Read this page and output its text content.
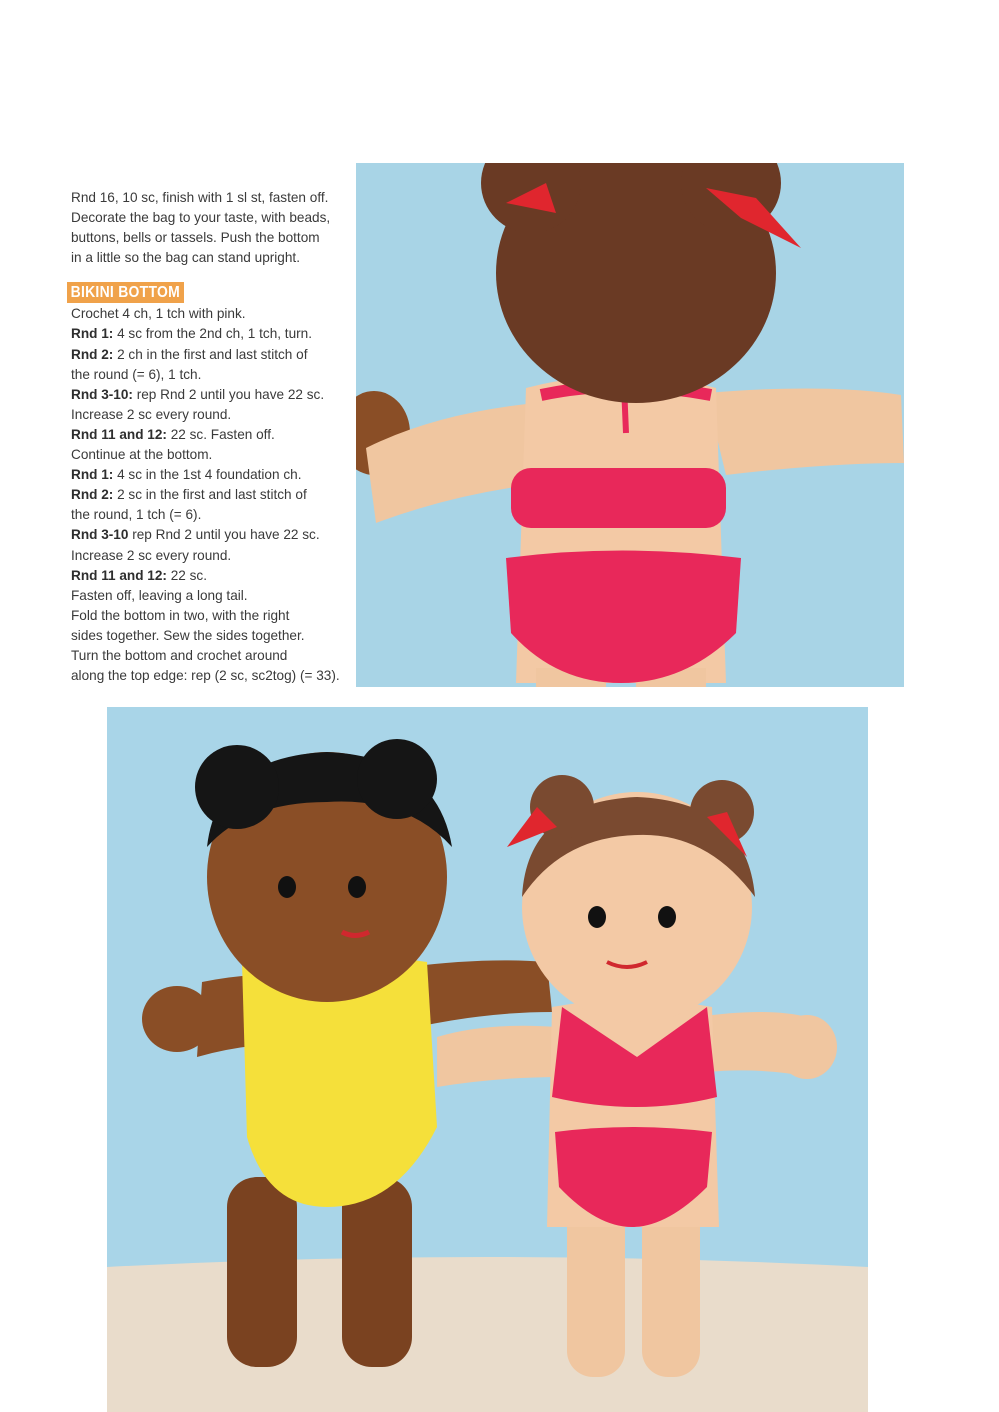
Rnd 16, 10 sc, finish with 1 sl st, fasten off.

Decorate the bag to your taste, with beads,

buttons, bells or tassels. Push the bottom

in a little so the bag can stand upright.

BIKINI BOTTOM

Crochet 4 ch, 1 tch with pink.

Rnd 1: 4 sc from the 2nd ch, 1 tch, turn.

Rnd 2: 2 ch in the first and last stitch of

the round (= 6), 1 tch.

Rnd 3-10: rep Rnd 2 until you have 22 sc.

Increase 2 sc every round.

Rnd 11 and 12: 22 sc. Fasten off.

Continue at the bottom.

Rnd 1: 4 sc in the 1st 4 foundation ch.

Rnd 2: 2 sc in the first and last stitch of

the round, 1 tch (= 6).

Rnd 3-10 rep Rnd 2 until you have 22 sc.

Increase 2 sc every round.

Rnd 11 and 12: 22 sc.

Fasten off, leaving a long tail.

Fold the bottom in two, with the right

sides together. Sew the sides together.

Turn the bottom and crochet around

along the top edge: rep (2 sc, sc2tog) (= 33).
